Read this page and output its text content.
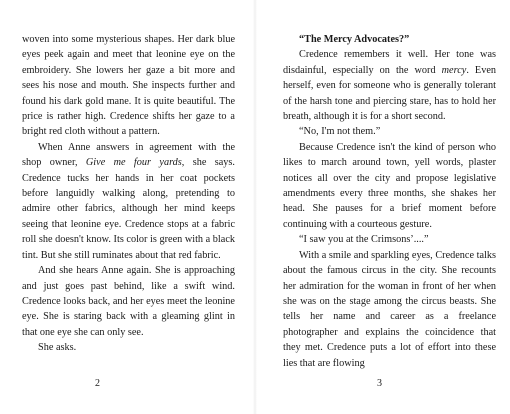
woven into some mysterious shapes. Her dark blue eyes peek again and meet that leonine eye on the embroidery. She lowers her gaze a bit more and sees his nose and mouth. She inspects further and found his dark gold mane. It is quite beautiful. The price is rather high. Credence shifts her gaze to a bright red cloth without a pattern.

When Anne answers in agreement with the shop owner, Give me four yards, she says. Credence tucks her hands in her coat pockets before languidly walking along, pretending to admire other fabrics, although her mind keeps seeing that leonine eye. Credence stops at a fabric roll she doesn't know. Its color is green with a black tint. But she still ruminates about that red fabric.

And she hears Anne again. She is approaching and just goes past behind, like a swift wind. Credence looks back, and her eyes meet the leonine eye. She is staring back with a gleaming glint in that one eye she can only see.

She asks.

2

“The Mercy Advocates?”

Credence remembers it well. Her tone was disdainful, especially on the word mercy. Even herself, even for someone who is generally tolerant of the harsh tone and piercing stare, has to hold her breath, although it is for a short second.

“No, I'm not them.”

Because Credence isn't the kind of person who likes to march around town, yell words, plaster notices all over the city and propose legislative amendments every three months, she shakes her head. She pauses for a brief moment before continuing with a courteous gesture.

“I saw you at the Crimsons’....”

With a smile and sparkling eyes, Credence talks about the famous circus in the city. She recounts her admiration for the woman in front of her when she was on the stage among the circus beasts. She tells her name and career as a freelance photographer and explains the coincidence that they met. Credence puts a lot of effort into these lies that are flowing

3
